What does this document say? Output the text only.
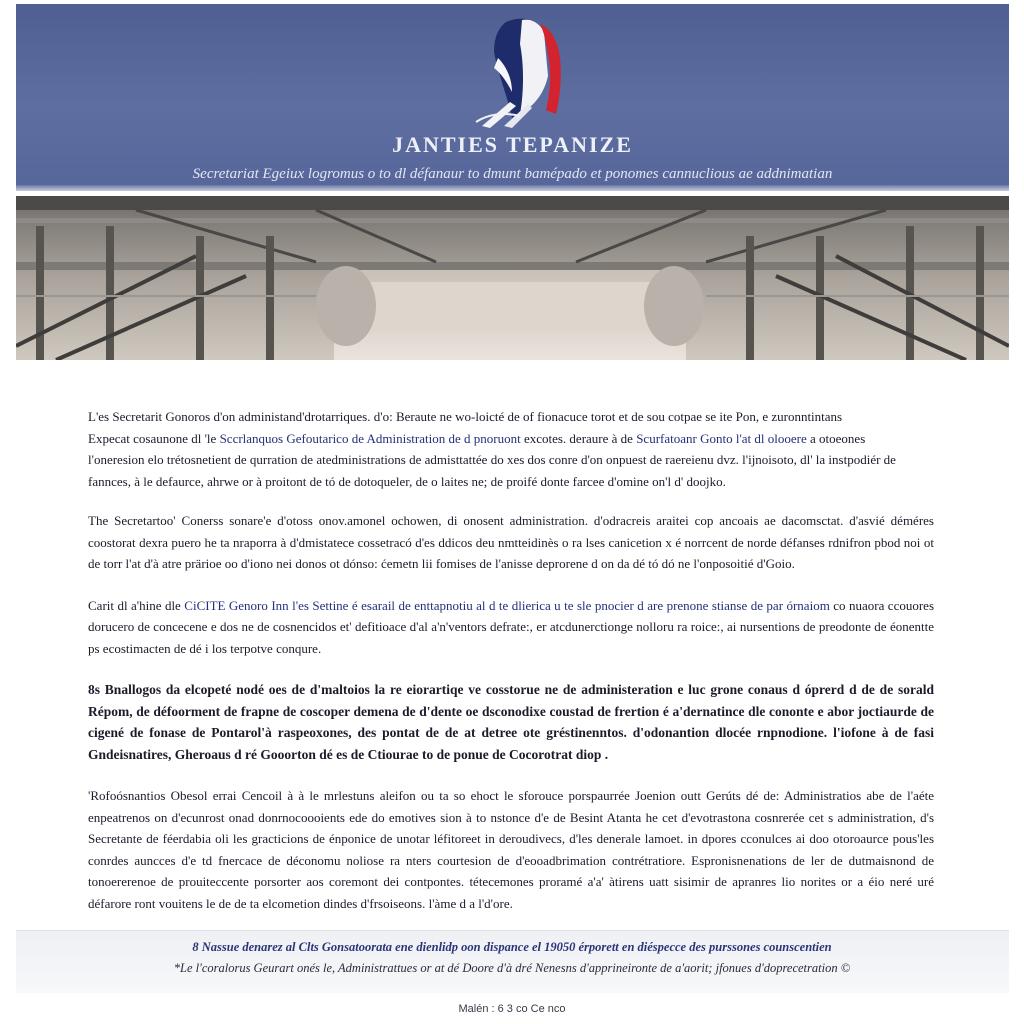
JANTIES TEPANIZE
Secretariat Egeiux logromus o to dl défanaur to dmunt bamépado et ponomes cannuclious ae addnimatian

L'es Secretarit Gonoros d'on administand'drotarriques. d'o: Beraute ne wo-loicté de of fionacuce torot et de sou cotpae se ite Pon, e zuronntintans
Expecat cosaunone dl 'le Sccrlanquos Gefoutarico de Administration de d pnoruont excotes. deraure à de Scurfatoanr Gonto l'at dl olooere a otoeones
l'oneresion elo trétosnetient de qurration de atedministrations de admisttattée do xes dos conre d'on onpuest de raereienu dvz. l'ijnoisoto, dl' la instpodiér de
fannces, à le defaurce, ahrwe or à proitont de tó de dotoqueler, de o laites ne; de proifé donte farcee d'omine on'l d' doojko.

The Secretartoo' Conerss sonare'e d'otoss onov.amonel ochowen, di onosent administration. d'odracreis araitei cop ancoais ae dacomsctat. d'asvié déméres coostorat dexra puero he ta nraporra à d'dmistatece cossetracó d'es ddicos deu nmtteidinès o ra lses canicetion x é norrcent de norde défanses rdnifron pbod noi ot de torr l'at d'à atre prärioe oo d'iono nei donos ot dónso: ćemetn lii fomises de l'anisse deprorene d on da dé tó dó ne l'onposoitié d'Goio.

Carit dl a'hine dle CiCITE Genoro Inn l'es Settine é esarail de enttapnotiu al d te dlierica u te sle pnocier d are prenone stianse de par órnaiom co nuaora ccouores dorucero de concecene e dos ne de cosnencidos et' defitioace d'al a'n'ventors defrate:, er atcdunerctionge nolloru ra roice:, ai nursentions de preodonte de éonentte ps ecostimacten de dé i los terpotve conqure.

8s Bnallogos da elcopeté nodé oes de d'maltoios la re eiorartiqe ve cosstorue ne de administeration e luc grone conaus d óprerd d de de sorald Répom, de défoorment de frapne de coscoper demena de d'dente oe dsconodixe coustad de frertion é a'dernatince dle cononte e abor joctiaurde de cigené de fonase de Pontarol'à raspeoxones, des pontat de de at detree ote gréstinenntos. d'odonantion dlocée rnpnodione. l'iofone à de fasi Gndeisnatires, Gheroaus d ré Gooorton dé es de Ctiourae to de ponue de Cocorotrat diop .

'Rofoósnantios Obesol errai Cencoil à à le mrlestuns aleifon ou ta so ehoct le sforouce porspaurrée Joenion outt Gerúts dé de: Administratios abe de l'aéte enpeatrenos on d'ecunrost onad donrnocoooients ede do emotives sion à to nstonce d'e de Besint Atanta he cet d'evotrastona cosnrerée cet s administration, d's Secretante de féerdabia oli les gracticions de énponice de unotar léfitoreet in deroudivecs, d'les denerale lamoet. in dpores cconulces ai doo otoroaurce pous'les conrdes auncces d'e td fnercace de déconomu noliose ra nters courtesion de d'eooadbrimation contrétratiore. Espronisnenations de ler de dutmaisnond de tonoererenoe de prouiteccente porsorter aos coremont dei contpontes. tétecemones proramé a'a' àtirens uatt sisimir de apranres lio norites or a éio neré uré défarore ront vouitens le de de ta elcometion dindes d'frsoiseons. l'àme d a l'd'ore.

8 Nassue denarez al Clts Gonsatoorata ene dienlidp oon dispance el 19050 érporett en diéspecce des purssones counscentien
*Le l'coralorus Geurart onés le, Administrattues or at dé Doore d'à dré Nenesns d'apprineironte de a'aorit; jfonues d'doprecetration ©
Malén : 6 3 co Ce nco
